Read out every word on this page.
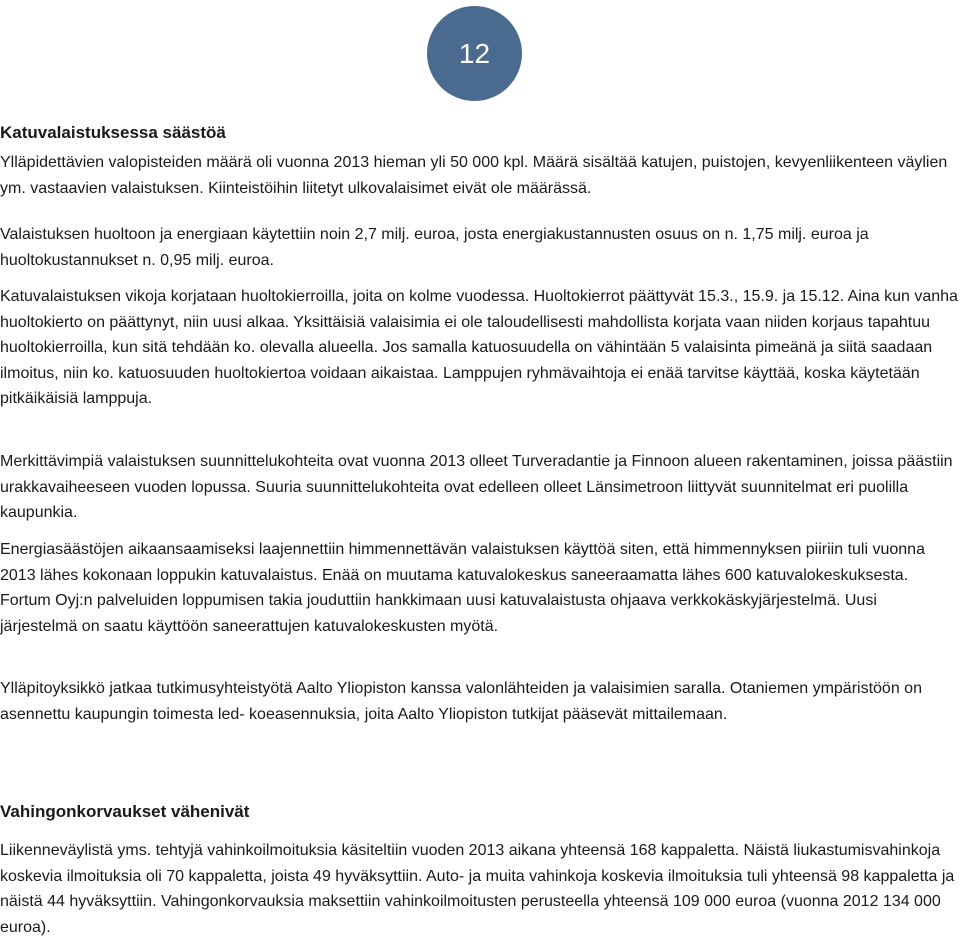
12
Katuvalaistuksessa säästöä

Ylläpidettävien valopisteiden määrä oli vuonna 2013 hieman yli 50 000 kpl. Määrä sisältää katujen, puistojen, kevyenliikenteen väylien ym. vastaavien valaistuksen. Kiinteistöihin liitetyt ulkovalaisimet eivät ole määrässä.

Valaistuksen huoltoon ja energiaan käytettiin noin 2,7 milj. euroa, josta energiakustannusten osuus on n. 1,75 milj. euroa ja huoltokustannukset n. 0,95 milj. euroa.

Katuvalaistuksen vikoja korjataan huoltokierroilla, joita on kolme vuodessa. Huoltokierrot päättyvät 15.3., 15.9. ja 15.12. Aina kun vanha huoltokierto on päättynyt, niin uusi alkaa. Yksittäisiä valaisimia ei ole taloudellisesti mahdollista korjata vaan niiden korjaus tapahtuu huoltokierroilla, kun sitä tehdään ko. olevalla alueella. Jos samalla katuosuudella on vähintään 5 valaisinta pimeänä ja siitä saadaan ilmoitus, niin ko. katuosuuden huoltokiertoa voidaan aikaistaa. Lamppujen ryhmävaihtoja ei enää tarvitse käyttää, koska käytetään pitkäikäisiä lamppuja.

Merkittävimpiä valaistuksen suunnittelukohteita ovat vuonna 2013 olleet Turveradantie ja Finnoon alueen rakentaminen, joissa päästiin urakkavaiheeseen vuoden lopussa. Suuria suunnittelukohteita ovat edelleen olleet Länsimetroon liittyvät suunnitelmat eri puolilla kaupunkia.

Energiasäästöjen aikaansaamiseksi laajennettiin himmennettävän valaistuksen käyttöä siten, että himmennyksen piiriin tuli vuonna 2013 lähes kokonaan loppukin katuvalaistus. Enää on muutama katuvalokeskus saneeraamatta lähes 600 katuvalokeskuksesta. Fortum Oyj:n palveluiden loppumisen takia jouduttiin hankkimaan uusi katuvalaistusta ohjaava verkkokäskyjärjestelmä. Uusi järjestelmä on saatu käyttöön saneerattujen katuvalokeskusten myötä.

Ylläpitoyksikkö jatkaa tutkimusyhteistyötä Aalto Yliopiston kanssa valonlähteiden ja valaisimien saralla. Otaniemen ympäristöön on asennettu kaupungin toimesta led- koeasennuksia, joita Aalto Yliopiston tutkijat pääsevät mittailemaan.

Vahingonkorvaukset vähenivät

Liikenneväylistä yms. tehtyjä vahinkoilmoituksia käsiteltiin vuoden 2013 aikana yhteensä 168 kappaletta. Näistä liukastumisvahinkoja koskevia ilmoituksia oli 70 kappaletta, joista 49 hyväksyttiin. Auto- ja muita vahinkoja koskevia ilmoituksia tuli yhteensä 98 kappaletta ja näistä 44 hyväksyttiin. Vahingonkorvauksia maksettiin vahinkoilmoitusten perusteella yhteensä 109 000 euroa (vuonna 2012 134 000 euroa).
